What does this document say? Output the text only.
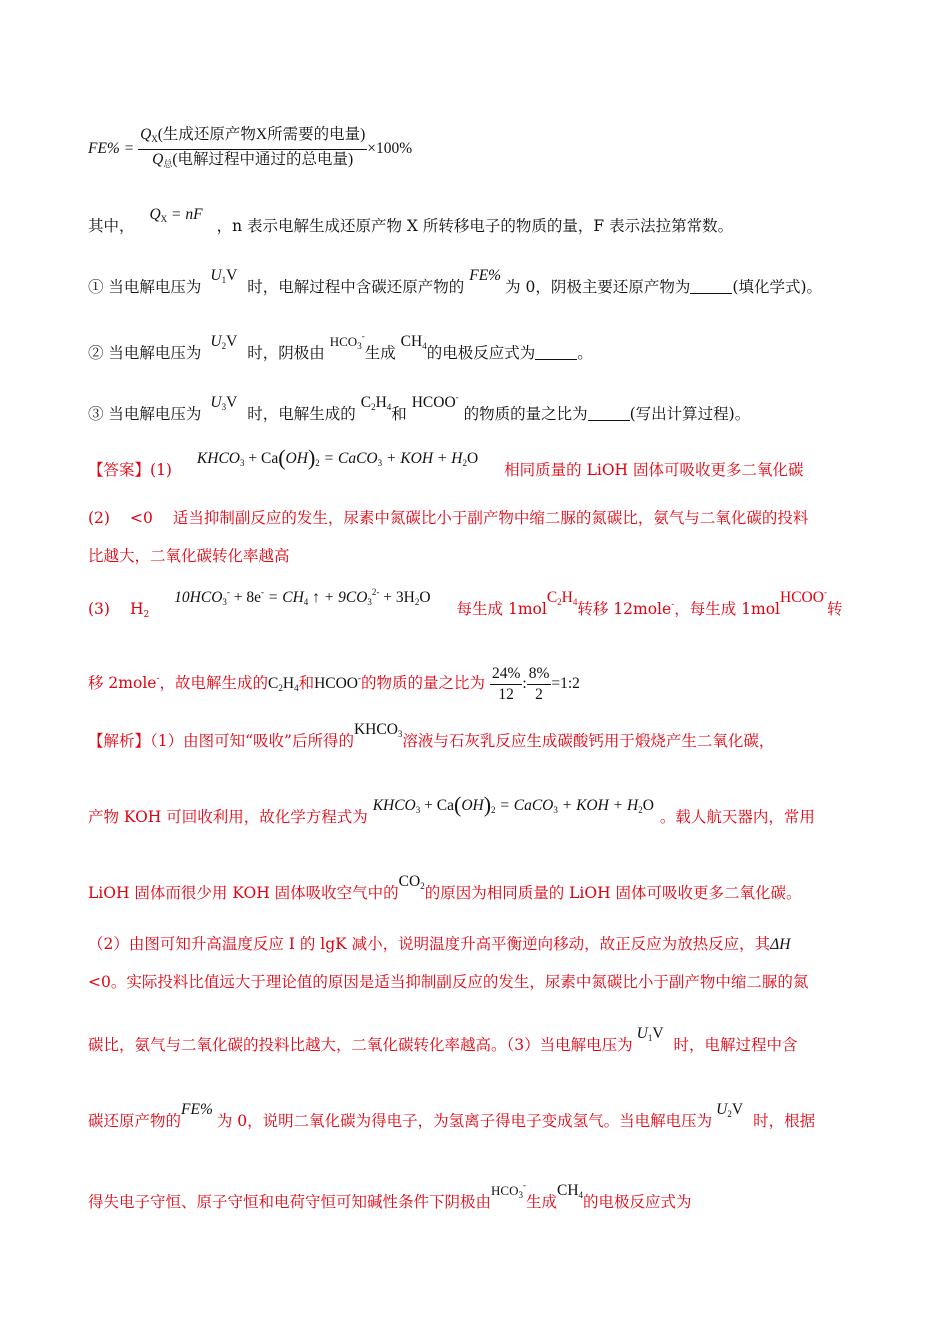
$FE\% = \frac{Q_X(生成还原产物X所需要的电量)}{Q_总(电解过程中通过的总电量)} \times 100\%$
其中， $Q_X$ = nF，n 表示电解生成还原产物 X 所转移电子的物质的量，F 表示法拉第常数。
① 当电解电压为 $U_1V$时，电解过程中含碳还原产物的 FE%为 0，阴极主要还原产物为	(填化学式)。
② 当电解电压为 $U_2V$时，阴极由 $^{HCO_3^-}$生成 $CH_4$的电极反应式为	。
③ 当电解电压为 $U_3V$时，电解生成的 $C_2H_4$和 HCOO- 的物质的量之比为	(写出计算过程)。
【答案】(1) $KHCO_3 + Ca(OH)_2$ = CaCO$_3$ + KOH + $H_2O$相同质量的 LiOH 固体可吸收更多二氧化碳
(2) <0 适当抑制副反应的发生，尿素中氮碳比小于副产物中缩二脲的氮碳比，氨气与二氧化碳的投料
比越大，二氧化碳转化率越高
(3) $H_2$ $10HCO_3^- + 8e^- = CH_4$ ↑ + $9CO_3^{2-} + 3H_2O$每生成 $1molC_2H_4$转移 12mole-，每生成 1molHCOO-转
移 2mole-，故电解生成的$C_2H_4$和HCOO-的物质的量之比为 $\frac{24\%}{12}$ : $\frac{8\%}{2}$ =1:2
【解析】（1）由图可知“吸收”后所得的$KHCO_3$溶液与石灰乳反应生成碳酸钙用于煅烧产生二氧化碳，
产物 KOH 可回收利用，故化学方程式为 $KHCO_3 + Ca(OH)_2$ = CaCO$_3$ + KOH + $H_2O$。载人航天器内，常用
LiOH 固体而很少用 KOH 固体吸收空气中的$CO_2$的原因为相同质量的 LiOH 固体可吸收更多二氧化碳。
（2）由图可知升高温度反应 I 的 lgK 减小，说明温度升高平衡逆向移动，故正反应为放热反应，其ΔH
<0。实际投料比值远大于理论值的原因是适当抑制副反应的发生，尿素中氮碳比小于副产物中缩二脲的氮
碳比，氨气与二氧化碳的投料比越大，二氧化碳转化率越高。（3）当电解电压为$U_1V$时，电解过程中含
碳还原产物的FE%为 0，说明二氧化碳为得电子，为氢离子得电子变成氢气。当电解电压为$U_2V$时，根据
得失电子守恒、原子守恒和电荷守恒可知碱性条件下阴极由$^{HCO_3^-}$生成$CH_4$的电极反应式为
